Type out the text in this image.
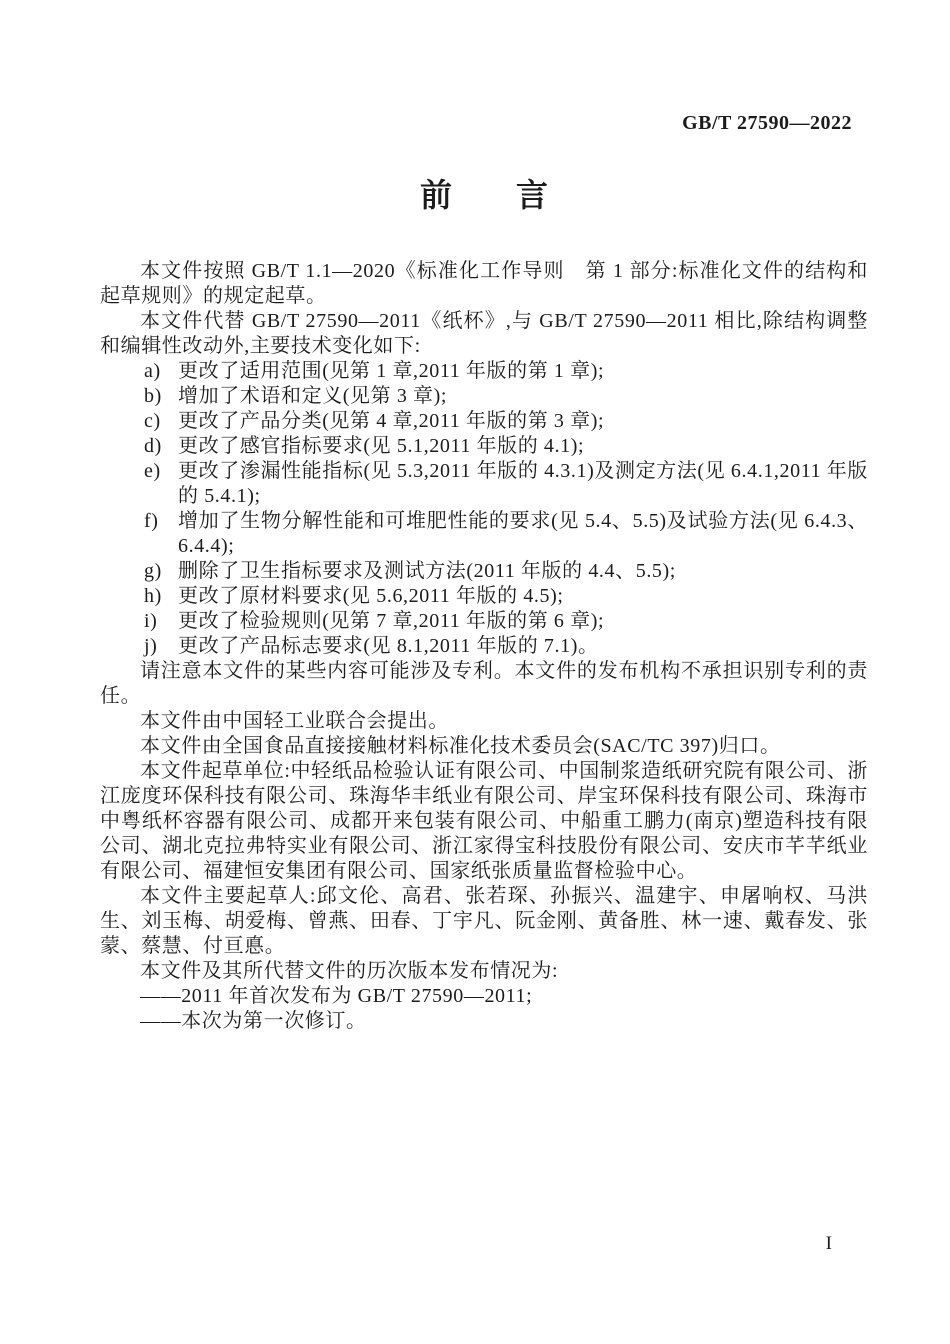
GB/T 27590—2022
前　　言

本文件按照 GB/T 1.1—2020《标准化工作导则　第 1 部分:标准化文件的结构和起草规则》的规定起草。

本文件代替 GB/T 27590—2011《纸杯》,与 GB/T 27590—2011 相比,除结构调整和编辑性改动外,主要技术变化如下:

a) 更改了适用范围(见第 1 章,2011 年版的第 1 章);
b) 增加了术语和定义(见第 3 章);
c) 更改了产品分类(见第 4 章,2011 年版的第 3 章);
d) 更改了感官指标要求(见 5.1,2011 年版的 4.1);
e) 更改了渗漏性能指标(见 5.3,2011 年版的 4.3.1)及测定方法(见 6.4.1,2011 年版的 5.4.1);
f) 增加了生物分解性能和可堆肥性能的要求(见 5.4、5.5)及试验方法(见 6.4.3、6.4.4);
g) 删除了卫生指标要求及测试方法(2011 年版的 4.4、5.5);
h) 更改了原材料要求(见 5.6,2011 年版的 4.5);
i)	更改了检验规则(见第 7 章,2011 年版的第 6 章);
j)	更改了产品标志要求(见 8.1,2011 年版的 7.1)。

请注意本文件的某些内容可能涉及专利。本文件的发布机构不承担识别专利的责任。

本文件由中国轻工业联合会提出。

本文件由全国食品直接接触材料标准化技术委员会(SAC/TC 397)归口。

本文件起草单位:中轻纸品检验认证有限公司、中国制浆造纸研究院有限公司、浙江庞度环保科技有限公司、珠海华丰纸业有限公司、岸宝环保科技有限公司、珠海市中粤纸杯容器有限公司、成都开来包装有限公司、中船重工鹏力(南京)塑造科技有限公司、湖北克拉弗特实业有限公司、浙江家得宝科技股份有限公司、安庆市芊芊纸业有限公司、福建恒安集团有限公司、国家纸张质量监督检验中心。

本文件主要起草人:邱文伦、高君、张若琛、孙振兴、温建宇、申屠响权、马洪生、刘玉梅、胡爱梅、曾燕、田春、丁宇凡、阮金刚、黄备胜、林一速、戴春发、张蒙、蔡慧、付亘悳。

本文件及其所代替文件的历次版本发布情况为:

——2011 年首次发布为 GB/T 27590—2011;

——本次为第一次修订。

I
